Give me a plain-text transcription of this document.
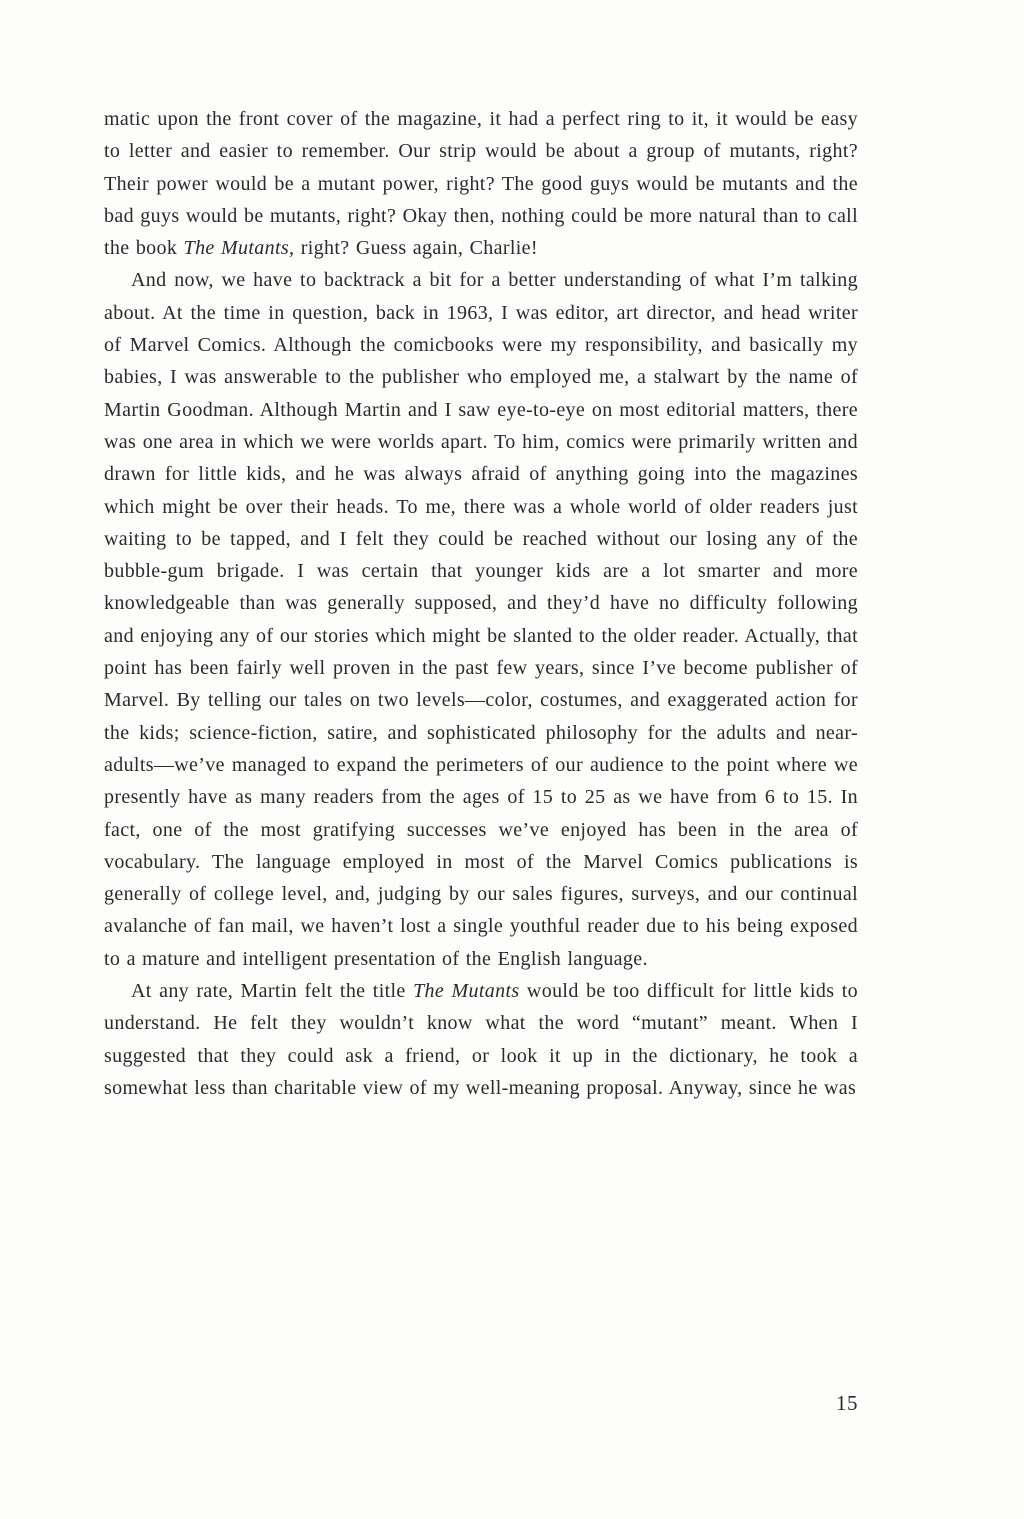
matic upon the front cover of the magazine, it had a perfect ring to it, it would be easy to letter and easier to remember. Our strip would be about a group of mutants, right? Their power would be a mutant power, right? The good guys would be mutants and the bad guys would be mutants, right? Okay then, nothing could be more natural than to call the book The Mutants, right? Guess again, Charlie!

And now, we have to backtrack a bit for a better understanding of what I’m talking about. At the time in question, back in 1963, I was editor, art director, and head writer of Marvel Comics. Although the comicbooks were my responsibility, and basically my babies, I was answerable to the publisher who employed me, a stalwart by the name of Martin Goodman. Although Martin and I saw eye-to-eye on most editorial matters, there was one area in which we were worlds apart. To him, comics were primarily written and drawn for little kids, and he was always afraid of anything going into the magazines which might be over their heads. To me, there was a whole world of older readers just waiting to be tapped, and I felt they could be reached without our losing any of the bubble-gum brigade. I was certain that younger kids are a lot smarter and more knowledgeable than was generally supposed, and they’d have no difficulty following and enjoying any of our stories which might be slanted to the older reader. Actually, that point has been fairly well proven in the past few years, since I’ve become publisher of Marvel. By telling our tales on two levels—color, costumes, and exaggerated action for the kids; science-fiction, satire, and sophisticated philosophy for the adults and near-adults—we’ve managed to expand the perimeters of our audience to the point where we presently have as many readers from the ages of 15 to 25 as we have from 6 to 15. In fact, one of the most gratifying successes we’ve enjoyed has been in the area of vocabulary. The language employed in most of the Marvel Comics publications is generally of college level, and, judging by our sales figures, surveys, and our continual avalanche of fan mail, we haven’t lost a single youthful reader due to his being exposed to a mature and intelligent presentation of the English language.

At any rate, Martin felt the title The Mutants would be too difficult for little kids to understand. He felt they wouldn’t know what the word “mutant” meant. When I suggested that they could ask a friend, or look it up in the dictionary, he took a somewhat less than charitable view of my well-meaning proposal. Anyway, since he was

15
